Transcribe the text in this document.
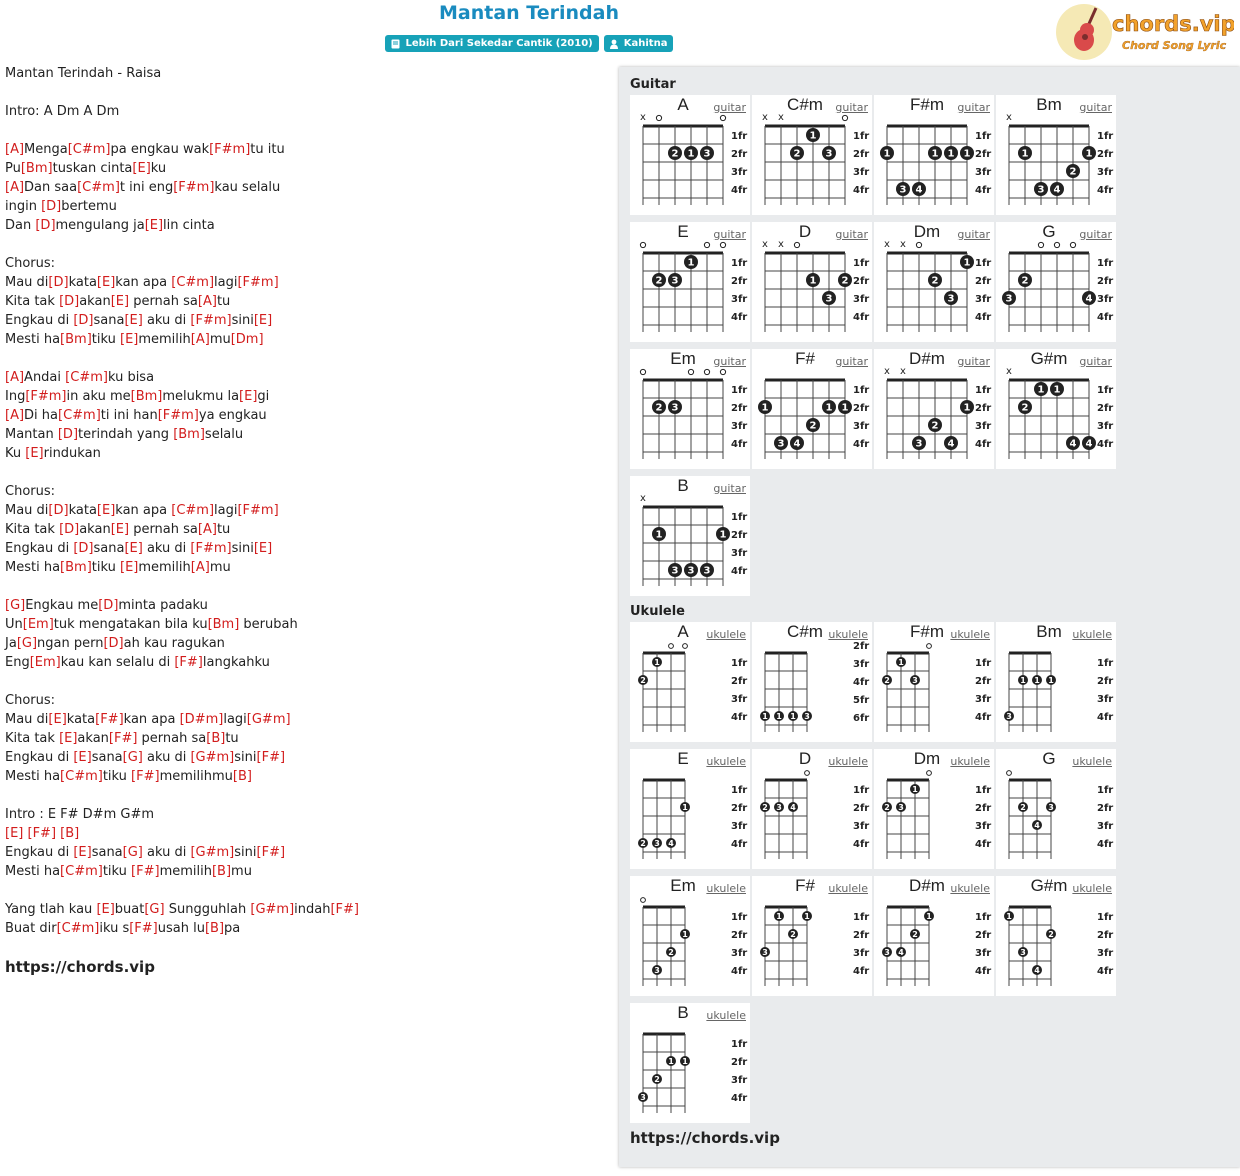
Mantan Terindah
Lebih Dari Sekedar Cantik (2010)	Kahitna
chords.vip
Chord Song Lyric
Mantan Terindah - Raisa

Intro: A Dm A Dm

[A]Menga[C#m]pa engkau wak[F#m]tu itu
Pu[Bm]tuskan cinta[E]ku
[A]Dan saa[C#m]t ini eng[F#m]kau selalu
ingin [D]bertemu
Dan [D]mengulang ja[E]lin cinta

Chorus:
Mau di[D]kata[E]kan apa [C#m]lagi[F#m]
Kita tak [D]akan[E] pernah sa[A]tu
Engkau di [D]sana[E] aku di [F#m]sini[E]
Mesti ha[Bm]tiku [E]memilih[A]mu[Dm]

[A]Andai [C#m]ku bisa
Ing[F#m]in aku me[Bm]melukmu la[E]gi
[A]Di ha[C#m]ti ini han[F#m]ya engkau
Mantan [D]terindah yang [Bm]selalu
Ku [E]rindukan

Chorus:
Mau di[D]kata[E]kan apa [C#m]lagi[F#m]
Kita tak [D]akan[E] pernah sa[A]tu
Engkau di [D]sana[E] aku di [F#m]sini[E]
Mesti ha[Bm]tiku [E]memilih[A]mu

[G]Engkau me[D]minta padaku
Un[Em]tuk mengatakan bila ku[Bm] berubah
Ja[G]ngan pern[D]ah kau ragukan
Eng[Em]kau kan selalu di [F#]langkahku

Chorus:
Mau di[E]kata[F#]kan apa [D#m]lagi[G#m]
Kita tak [E]akan[F#] pernah sa[B]tu
Engkau di [E]sana[G] aku di [G#m]sini[F#]
Mesti ha[C#m]tiku [F#]memilihmu[B]

Intro : E F# D#m G#m
[E] [F#] [B]
Engkau di [E]sana[G] aku di [G#m]sini[F#]
Mesti ha[C#m]tiku [F#]memilih[B]mu

Yang tlah kau [E]buat[G] Sungguhlah [G#m]indah[F#]
Buat dir[C#m]iku s[F#]usah lu[B]pa
https://chords.vip
Guitar
1fr
2fr
3fr
4fr
x
2 1 3
A	guitar
1fr
2fr
3fr
4fr
x x
2
1
3
C#m	guitar
1fr
2fr
3fr
4fr
1
3 4
1 1 1
F#m	guitar
1fr
2fr
3fr
4fr
x
1
3 4
2
1
Bm	guitar
1fr
2fr
3fr
4fr
2 3
1
E	guitar
1fr
2fr
3fr
4fr
x x
1
3
2
D	guitar
1fr
2fr
3fr
4fr
x x
2
3
1
Dm	guitar
1fr
2fr
3fr
4fr
3
2
4
G	guitar
1fr
2fr
3fr
4fr
2 3
Em	guitar
1fr
2fr
3fr
4fr
1
3 4
2
1 1
F#	guitar
1fr
2fr
3fr
4fr
x x
3
2
4
1
D#m	guitar
1fr
2fr
3fr
4fr
x
2
1 1
4 4
G#m	guitar
1fr
2fr
3fr
4fr
x
1
3 3 3
1
B	guitar
Ukulele
1fr
2fr
3fr
4fr
2
1
A	ukulele
2fr
3fr
4fr
5fr
6fr
1 1 1 3
C#m ukulele
1fr
2fr
3fr
4fr
2
1
3
F#m ukulele
1fr
2fr
3fr
4fr
3
1 1 1
Bm ukulele
1fr
2fr
3fr
4fr
2 3 4
1
E	ukulele
1fr
2fr
3fr
4fr
2 3 4
D	ukulele
1fr
2fr
3fr
4fr
2 3
1
Dm ukulele
1fr
2fr
3fr
4fr
2
4
3
G	ukulele
1fr
2fr
3fr
4fr
3
2
1
Em ukulele
1fr
2fr
3fr
4fr
3
1
2
1
F#	ukulele
1fr
2fr
3fr
4fr
3 4
2
1
D#m ukulele
1fr
2fr
3fr
4fr
1
3
4
2
G#m ukulele
1fr
2fr
3fr
4fr
3
2
1 1
B	ukulele
https://chords.vip
